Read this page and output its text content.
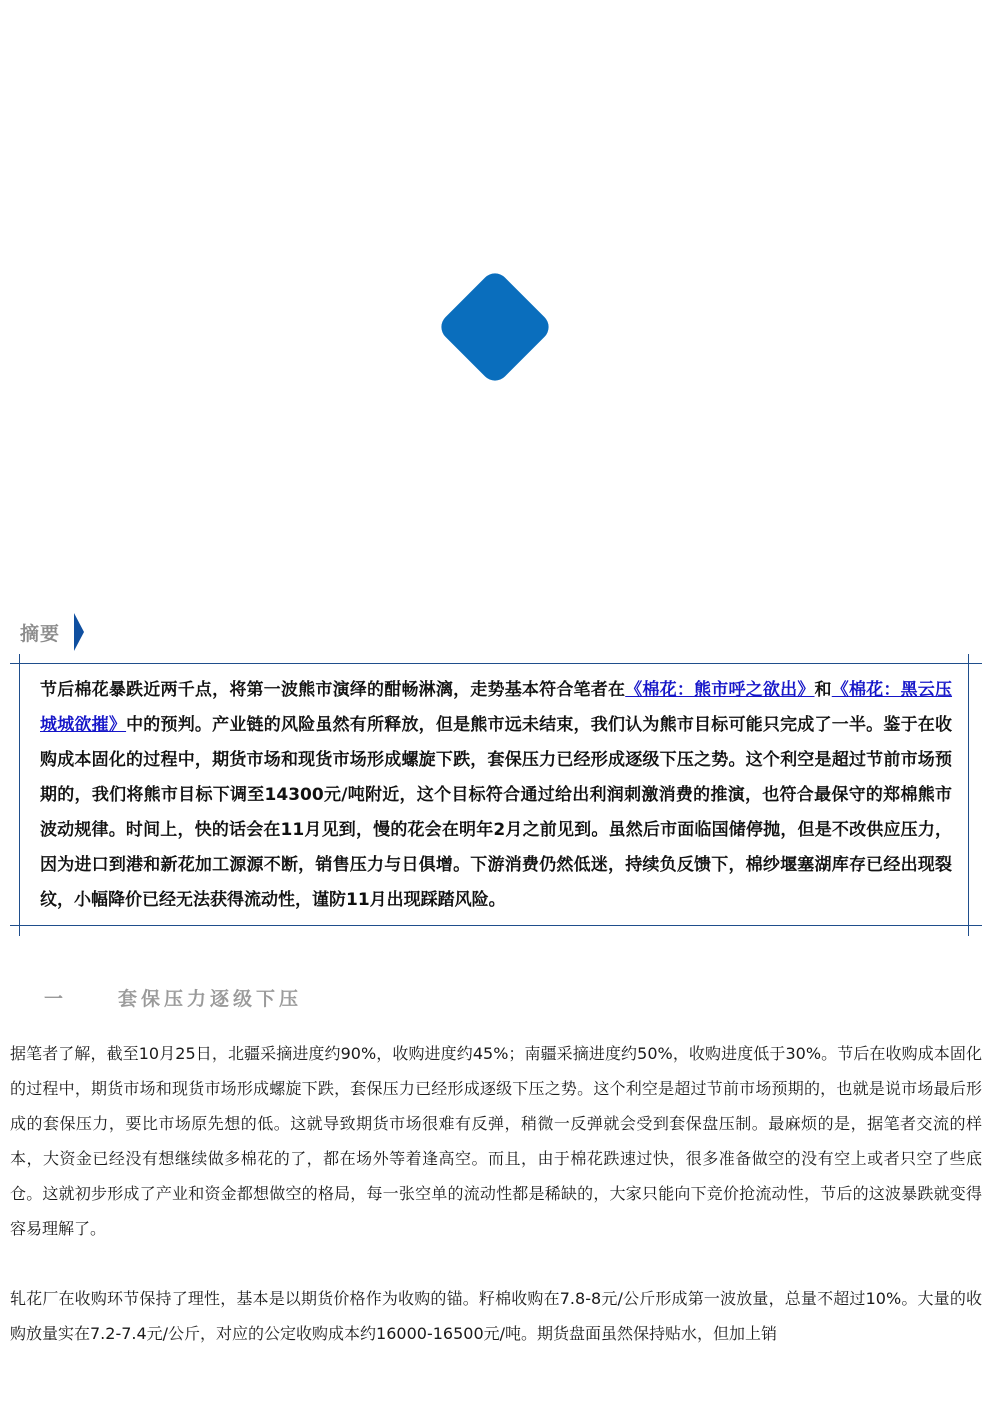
摘要
节后棉花暴跌近两千点，将第一波熊市演绎的酣畅淋漓，走势基本符合笔者在《棉花：熊市呼之欲出》和《棉花：黑云压城城欲摧》中的预判。产业链的风险虽然有所释放，但是熊市远未结束，我们认为熊市目标可能只完成了一半。鉴于在收购成本固化的过程中，期货市场和现货市场形成螺旋下跌，套保压力已经形成逐级下压之势。这个利空是超过节前市场预期的，我们将熊市目标下调至14300元/吨附近，这个目标符合通过给出利润刺激消费的推演，也符合最保守的郑棉熊市波动规律。时间上，快的话会在11月见到，慢的花会在明年2月之前见到。虽然后市面临国储停抛，但是不改供应压力，因为进口到港和新花加工源源不断，销售压力与日俱增。下游消费仍然低迷，持续负反馈下，棉纱堰塞湖库存已经出现裂纹，小幅降价已经无法获得流动性，谨防11月出现踩踏风险。
一	套保压力逐级下压

据笔者了解，截至10月25日，北疆采摘进度约90%，收购进度约45%；南疆采摘进度约50%，收购进度低于30%。节后在收购成本固化的过程中，期货市场和现货市场形成螺旋下跌，套保压力已经形成逐级下压之势。这个利空是超过节前市场预期的，也就是说市场最后形成的套保压力，要比市场原先想的低。这就导致期货市场很难有反弹，稍微一反弹就会受到套保盘压制。最麻烦的是，据笔者交流的样本，大资金已经没有想继续做多棉花的了，都在场外等着逢高空。而且，由于棉花跌速过快，很多准备做空的没有空上或者只空了些底仓。这就初步形成了产业和资金都想做空的格局，每一张空单的流动性都是稀缺的，大家只能向下竞价抢流动性，节后的这波暴跌就变得容易理解了。

轧花厂在收购环节保持了理性，基本是以期货价格作为收购的锚。籽棉收购在7.8-8元/公斤形成第一波放量，总量不超过10%。大量的收购放量实在7.2-7.4元/公斤，对应的公定收购成本约16000-16500元/吨。期货盘面虽然保持贴水，但加上销
